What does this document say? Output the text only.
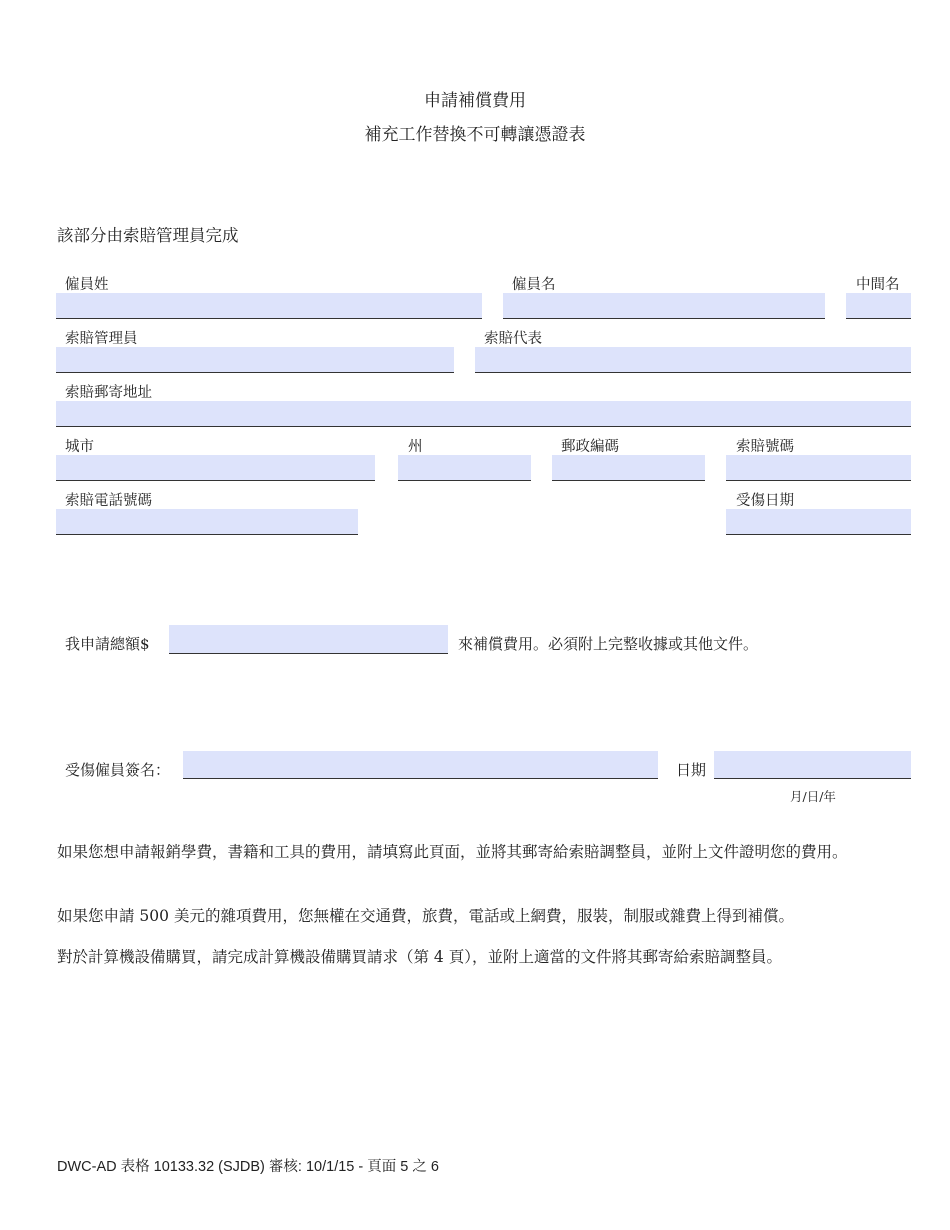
申請補償費用
補充工作替換不可轉讓憑證表
該部分由索賠管理員完成
僱員姓	僱員名	中間名
索賠管理員	索賠代表
索賠郵寄地址
城市	州	郵政編碼	索賠號碼
索賠電話號碼	受傷日期
我申請總額$	來補償費用。必須附上完整收據或其他文件。
受傷僱員簽名：	日期
月/日/年
如果您想申請報銷學費，書籍和工具的費用，請填寫此頁面，並將其郵寄給索賠調整員，並附上文件證明您的費用。
如果您申請 500 美元的雜項費用，您無權在交通費，旅費，電話或上網費，服裝，制服或雜費上得到補償。
對於計算機設備購買，請完成計算機設備購買請求（第 4 頁），並附上適當的文件將其郵寄給索賠調整員。
DWC-AD 表格 10133.32 (SJDB) 審核: 10/1/15 - 頁面 5 之 6
